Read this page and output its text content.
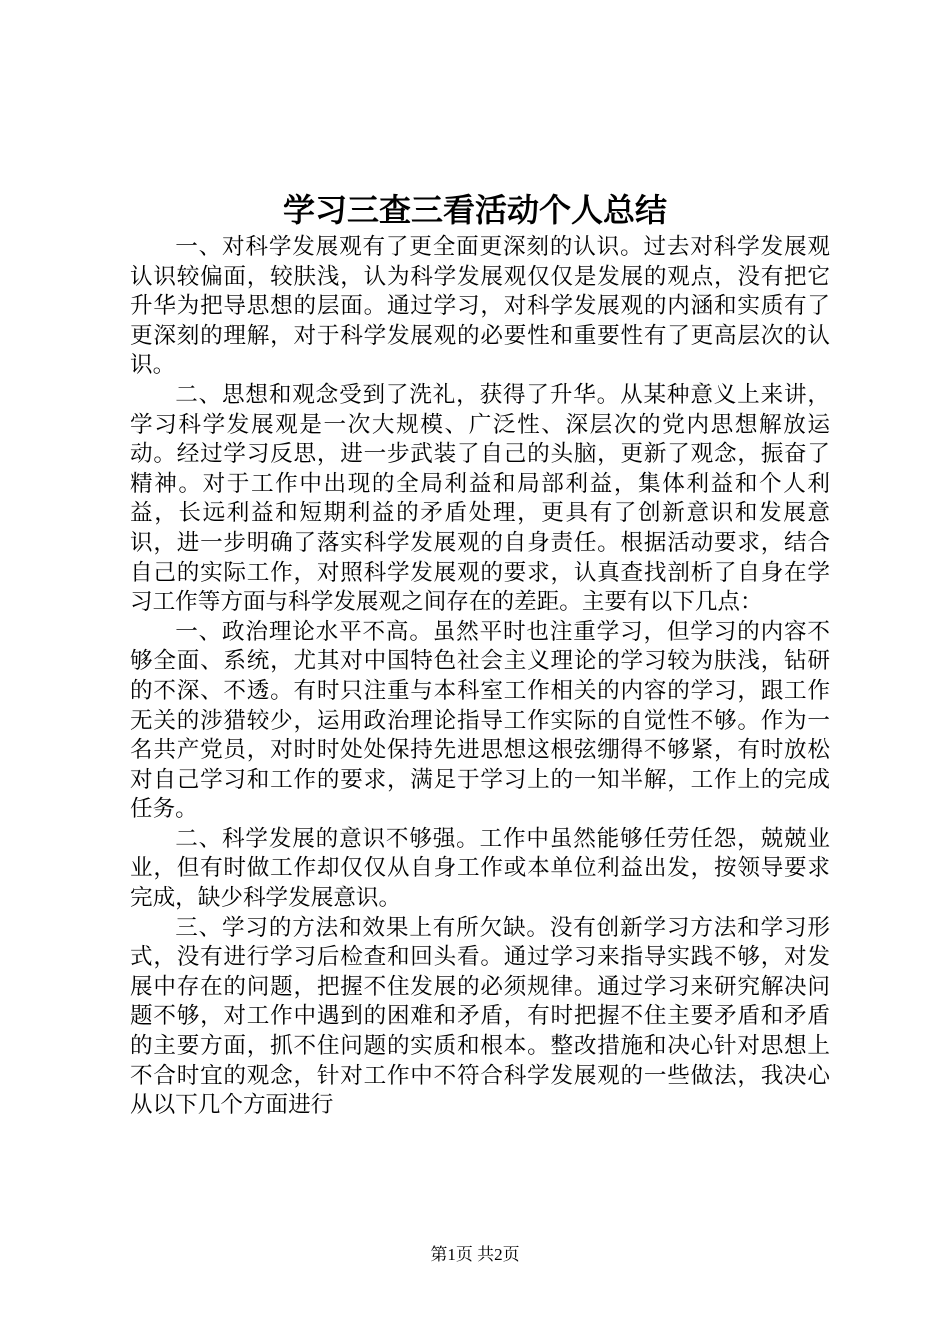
学习三查三看活动个人总结

一、对科学发展观有了更全面更深刻的认识。过去对科学发展观认识较偏面，较肤浅，认为科学发展观仅仅是发展的观点，没有把它升华为把导思想的层面。通过学习，对科学发展观的内涵和实质有了更深刻的理解，对于科学发展观的必要性和重要性有了更高层次的认识。

二、思想和观念受到了洗礼，获得了升华。从某种意义上来讲，学习科学发展观是一次大规模、广泛性、深层次的党内思想解放运动。经过学习反思，进一步武装了自己的头脑，更新了观念，振奋了精神。对于工作中出现的全局利益和局部利益，集体利益和个人利益，长远利益和短期利益的矛盾处理，更具有了创新意识和发展意识，进一步明确了落实科学发展观的自身责任。根据活动要求，结合自己的实际工作，对照科学发展观的要求，认真查找剖析了自身在学习工作等方面与科学发展观之间存在的差距。主要有以下几点：

一、政治理论水平不高。虽然平时也注重学习，但学习的内容不够全面、系统，尤其对中国特色社会主义理论的学习较为肤浅，钻研的不深、不透。有时只注重与本科室工作相关的内容的学习，跟工作无关的涉猎较少，运用政治理论指导工作实际的自觉性不够。作为一名共产党员，对时时处处保持先进思想这根弦绷得不够紧，有时放松对自己学习和工作的要求，满足于学习上的一知半解，工作上的完成任务。

二、科学发展的意识不够强。工作中虽然能够任劳任怨，兢兢业业，但有时做工作却仅仅从自身工作或本单位利益出发，按领导要求完成，缺少科学发展意识。

三、学习的方法和效果上有所欠缺。没有创新学习方法和学习形式，没有进行学习后检查和回头看。通过学习来指导实践不够，对发展中存在的问题，把握不住发展的必须规律。通过学习来研究解决问题不够，对工作中遇到的困难和矛盾，有时把握不住主要矛盾和矛盾的主要方面，抓不住问题的实质和根本。整改措施和决心针对思想上不合时宜的观念，针对工作中不符合科学发展观的一些做法，我决心从以下几个方面进行

第1页 共2页
